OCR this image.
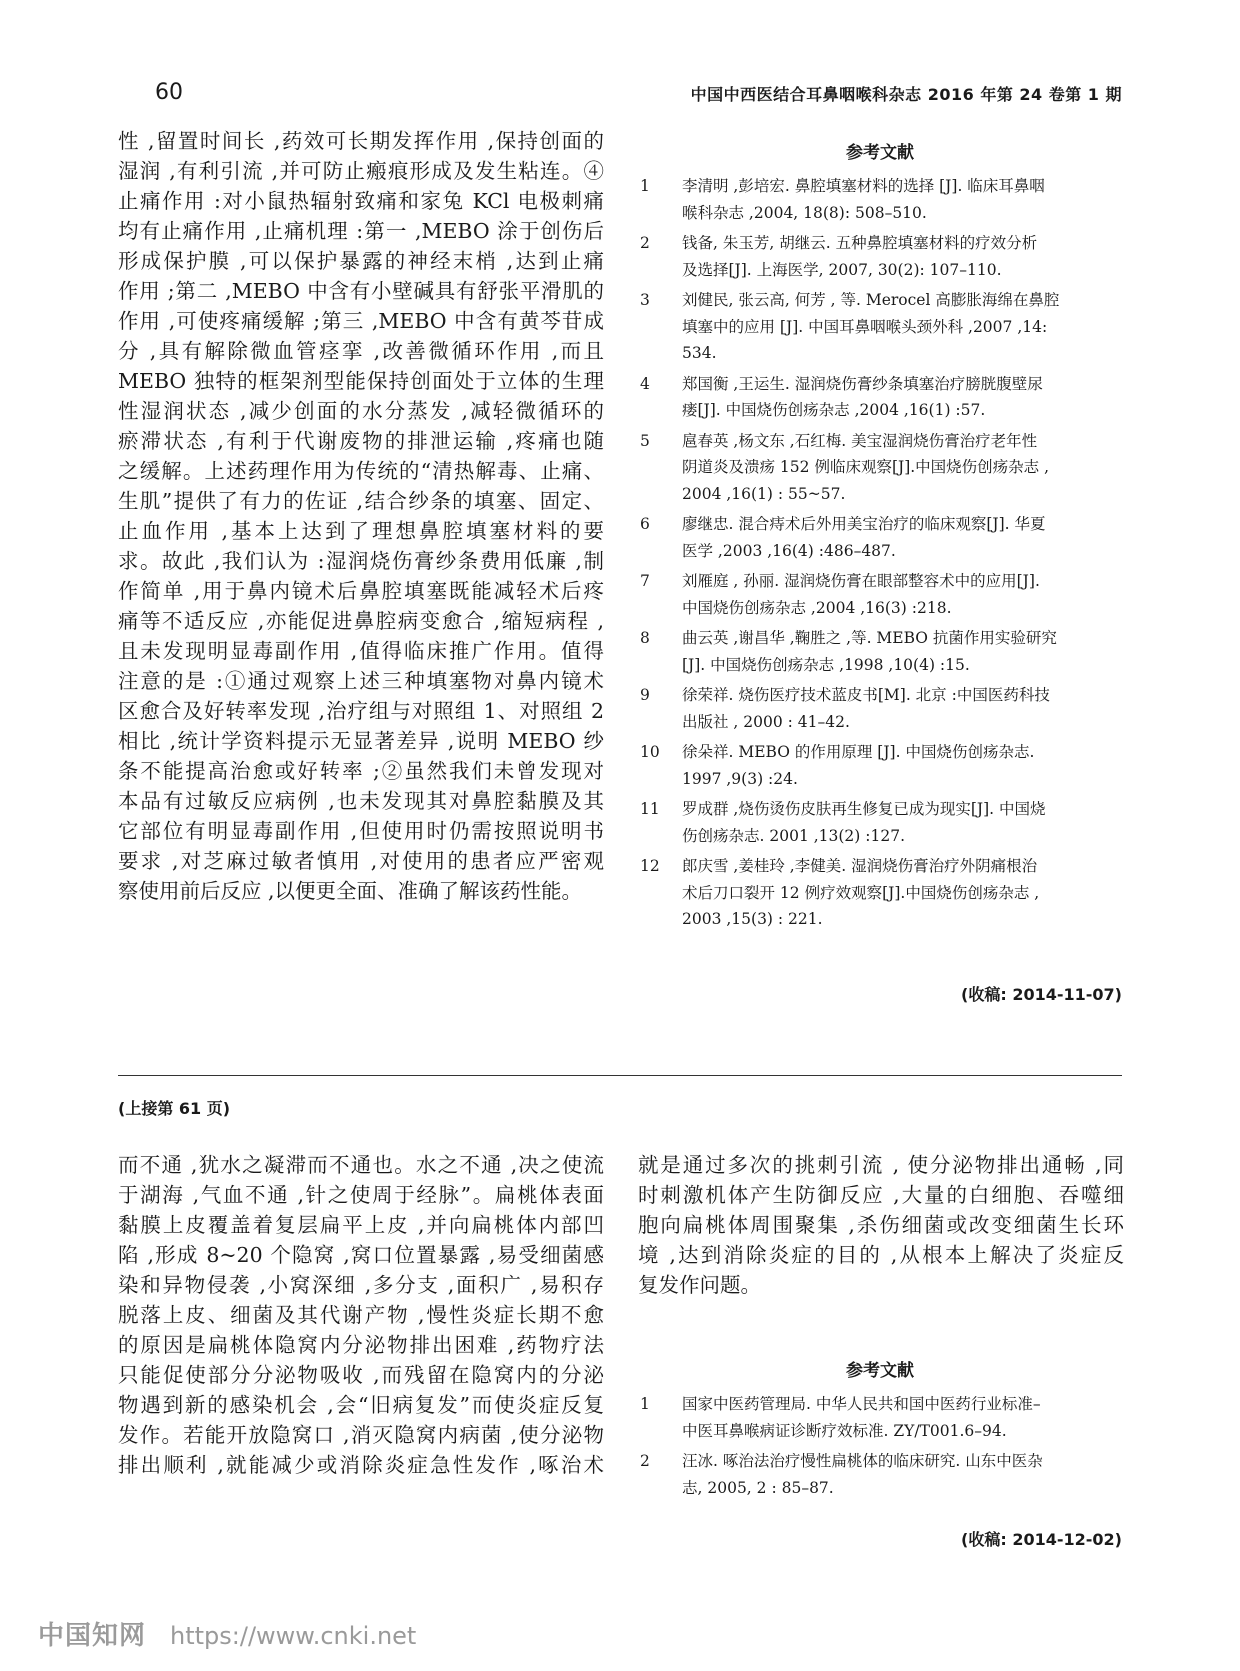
60	中国中西医结合耳鼻咽喉科杂志 2016 年第 24 卷第 1 期
性 ,留置时间长 ,药效可长期发挥作用 ,保持创面的
湿润 ,有利引流 ,并可防止瘢痕形成及发生粘连。④
止痛作用 :对小鼠热辐射致痛和家兔 KCl 电极刺痛
均有止痛作用 ,止痛机理 :第一 ,MEBO 涂于创伤后
形成保护膜 ,可以保护暴露的神经末梢 ,达到止痛
作用 ;第二 ,MEBO 中含有小壁碱具有舒张平滑肌的
作用 ,可使疼痛缓解 ;第三 ,MEBO 中含有黄芩苷成
分 ,具有解除微血管痉挛 ,改善微循环作用 ,而且
MEBO 独特的框架剂型能保持创面处于立体的生理
性湿润状态 ,减少创面的水分蒸发 ,减轻微循环的
瘀滞状态 ,有利于代谢废物的排泄运输 ,疼痛也随
之缓解。上述药理作用为传统的“清热解毒、止痛、
生肌”提供了有力的佐证 ,结合纱条的填塞、固定、
止血作用 ,基本上达到了理想鼻腔填塞材料的要
求。故此 ,我们认为 :湿润烧伤膏纱条费用低廉 ,制
作简单 ,用于鼻内镜术后鼻腔填塞既能减轻术后疼
痛等不适反应 ,亦能促进鼻腔病变愈合 ,缩短病程 ,
且未发现明显毒副作用 ,值得临床推广作用。值得
注意的是 :①通过观察上述三种填塞物对鼻内镜术
区愈合及好转率发现 ,治疗组与对照组 1、对照组 2
相比 ,统计学资料提示无显著差异 ,说明 MEBO 纱
条不能提高治愈或好转率 ;②虽然我们未曾发现对
本品有过敏反应病例 ,也未发现其对鼻腔黏膜及其
它部位有明显毒副作用 ,但使用时仍需按照说明书
要求 ,对芝麻过敏者慎用 ,对使用的患者应严密观
察使用前后反应 ,以便更全面、准确了解该药性能。
参考文献
1	李清明 ,彭培宏. 鼻腔填塞材料的选择 [J]. 临床耳鼻咽
喉科杂志 ,2004, 18(8): 508–510.
2	钱备, 朱玉芳, 胡继云. 五种鼻腔填塞材料的疗效分析
及选择[J]. 上海医学, 2007, 30(2): 107–110.
3	刘健民, 张云高, 何芳 , 等. Merocel 高膨胀海绵在鼻腔
填塞中的应用 [J]. 中国耳鼻咽喉头颈外科 ,2007 ,14:
534.
4	郑国衡 ,王运生. 湿润烧伤膏纱条填塞治疗膀胱腹壁尿
瘘[J]. 中国烧伤创疡杂志 ,2004 ,16(1) :57.
5	扈春英 ,杨文东 ,石红梅. 美宝湿润烧伤膏治疗老年性
阴道炎及溃疡 152 例临床观察[J].中国烧伤创疡杂志 ,
2004 ,16(1) : 55~57.
6	廖继忠. 混合痔术后外用美宝治疗的临床观察[J]. 华夏
医学 ,2003 ,16(4) :486–487.
7	刘雁庭 , 孙丽. 湿润烧伤膏在眼部整容术中的应用[J].
中国烧伤创疡杂志 ,2004 ,16(3) :218.
8	曲云英 ,谢昌华 ,鞠胜之 ,等. MEBO 抗菌作用实验研究
[J]. 中国烧伤创疡杂志 ,1998 ,10(4) :15.
9	徐荣祥. 烧伤医疗技术蓝皮书[M]. 北京 :中国医药科技
出版社 , 2000 : 41–42.
10	徐朵祥. MEBO 的作用原理 [J]. 中国烧伤创疡杂志.
1997 ,9(3) :24.
11	罗成群 ,烧伤烫伤皮肤再生修复已成为现实[J]. 中国烧
伤创疡杂志. 2001 ,13(2) :127.
12	郎庆雪 ,姜桂玲 ,李健美. 湿润烧伤膏治疗外阴痛根治
术后刀口裂开 12 例疗效观察[J].中国烧伤创疡杂志 ,
2003 ,15(3) : 221.
(收稿: 2014-11-07)
(上接第 61 页)
而不通 ,犹水之凝滞而不通也。水之不通 ,决之使流
于湖海 ,气血不通 ,针之使周于经脉”。扁桃体表面
黏膜上皮覆盖着复层扁平上皮 ,并向扁桃体内部凹
陷 ,形成 8~20 个隐窝 ,窝口位置暴露 ,易受细菌感
染和异物侵袭 ,小窝深细 ,多分支 ,面积广 ,易积存
脱落上皮、细菌及其代谢产物 ,慢性炎症长期不愈
的原因是扁桃体隐窝内分泌物排出困难 ,药物疗法
只能促使部分分泌物吸收 ,而残留在隐窝内的分泌
物遇到新的感染机会 ,会“旧病复发”而使炎症反复
发作。若能开放隐窝口 ,消灭隐窝内病菌 ,使分泌物
排出顺利 ,就能减少或消除炎症急性发作 ,啄治术
就是通过多次的挑刺引流 , 使分泌物排出通畅 ,同
时刺激机体产生防御反应 ,大量的白细胞、吞噬细
胞向扁桃体周围聚集 ,杀伤细菌或改变细菌生长环
境 ,达到消除炎症的目的 ,从根本上解决了炎症反
复发作问题。
参考文献
1	国家中医药管理局. 中华人民共和国中医药行业标准–
中医耳鼻喉病证诊断疗效标准. ZY/T001.6–94.
2	汪冰. 啄治法治疗慢性扁桃体的临床研究. 山东中医杂
志, 2005, 2 : 85–87.
(收稿: 2014-12-02)
中国知网 https://www.cnki.net
